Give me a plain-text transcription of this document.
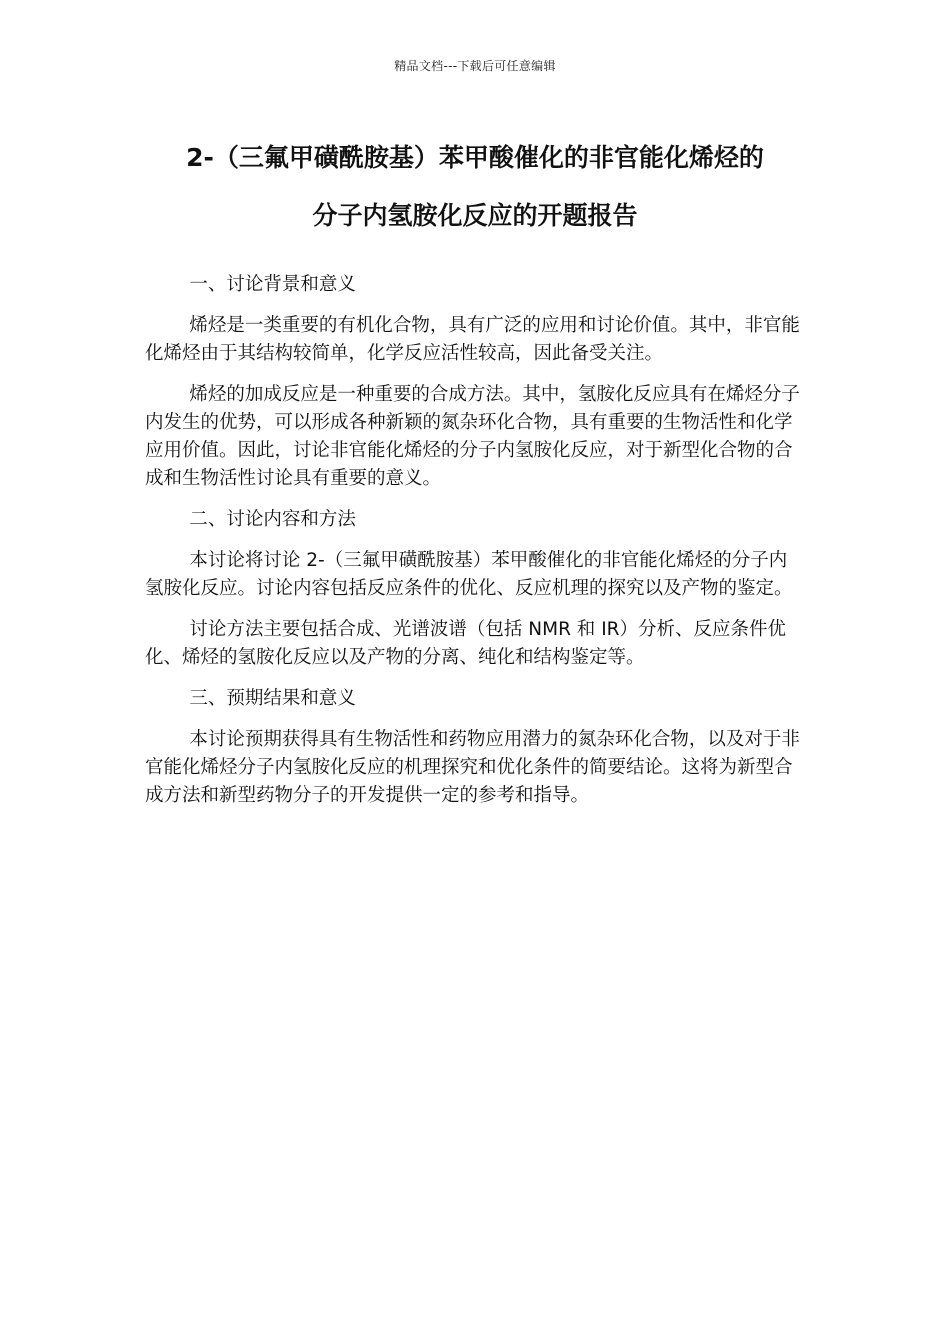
精品文档---下载后可任意编辑
2-（三氟甲磺酰胺基）苯甲酸催化的非官能化烯烃的
分子内氢胺化反应的开题报告

一、讨论背景和意义

烯烃是一类重要的有机化合物，具有广泛的应用和讨论价值。其中，非官能化烯烃由于其结构较简单，化学反应活性较高，因此备受关注。

烯烃的加成反应是一种重要的合成方法。其中，氢胺化反应具有在烯烃分子内发生的优势，可以形成各种新颖的氮杂环化合物，具有重要的生物活性和化学应用价值。因此，讨论非官能化烯烃的分子内氢胺化反应，对于新型化合物的合成和生物活性讨论具有重要的意义。

二、讨论内容和方法

本讨论将讨论 2-（三氟甲磺酰胺基）苯甲酸催化的非官能化烯烃的分子内氢胺化反应。讨论内容包括反应条件的优化、反应机理的探究以及产物的鉴定。

讨论方法主要包括合成、光谱波谱（包括 NMR 和 IR）分析、反应条件优化、烯烃的氢胺化反应以及产物的分离、纯化和结构鉴定等。

三、预期结果和意义

本讨论预期获得具有生物活性和药物应用潜力的氮杂环化合物，以及对于非官能化烯烃分子内氢胺化反应的机理探究和优化条件的简要结论。这将为新型合成方法和新型药物分子的开发提供一定的参考和指导。
